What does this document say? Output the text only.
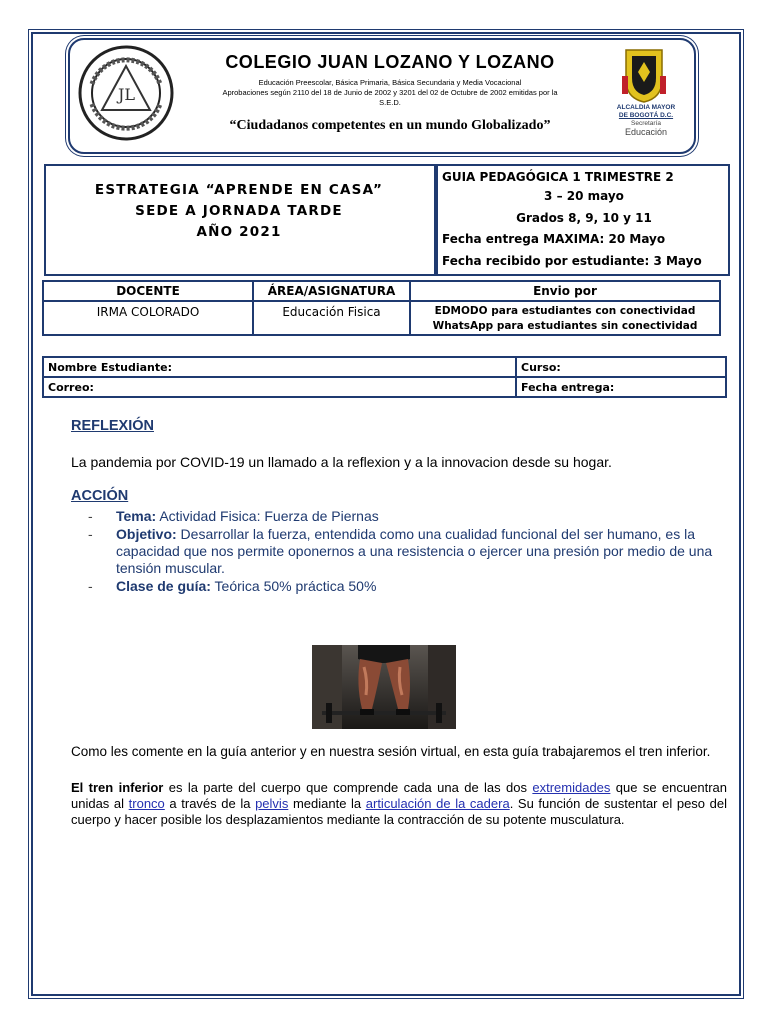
JL
COLEGIO JUAN LOZANO Y LOZANO
Educación Preescolar, Básica Primaria, Básica Secundaria y Media Vocacional
Aprobaciones según 2110 del 18 de Junio de 2002 y 3201 del 02 de Octubre de 2002 emitidas por la
S.E.D.
“Ciudadanos competentes en un mundo Globalizado”
ALCALDIA MAYOR
DE BOGOTÁ D.C.
Secretaría
Educación
ESTRATEGIA “APRENDE EN CASA”
SEDE A JORNADA TARDE
AÑO 2021
GUIA PEDAGÓGICA 1 TRIMESTRE 2
3 – 20 mayo
Grados 8, 9, 10 y 11
Fecha entrega MAXIMA: 20 Mayo
Fecha recibido por estudiante: 3 Mayo
DOCENTE	ÁREA/ASIGNATURA	Envio por
IRMA COLORADO	Educación Fisica	EDMODO para estudiantes con conectividad
WhatsApp para estudiantes sin conectividad
Nombre Estudiante:	Curso:
Correo:	Fecha entrega:
REFLEXIÓN
La pandemia por COVID-19 un llamado a la reflexion y a la innovacion desde su hogar.
ACCIÓN
- Tema: Actividad Fisica: Fuerza de Piernas
- Objetivo: Desarrollar la fuerza, entendida como una cualidad funcional del ser humano, es la capacidad que nos permite oponernos a una resistencia o ejercer una presión por medio de una tensión muscular.
- Clase de guía: Teórica 50% práctica 50%
Como les comente en la guía anterior y en nuestra sesión virtual, en esta guía trabajaremos el tren inferior.
El tren inferior es la parte del cuerpo que comprende cada una de las dos extremidades que se encuentran unidas al tronco a través de la pelvis mediante la articulación de la cadera. Su función de sustentar el peso del cuerpo y hacer posible los desplazamientos mediante la contracción de su potente musculatura.
